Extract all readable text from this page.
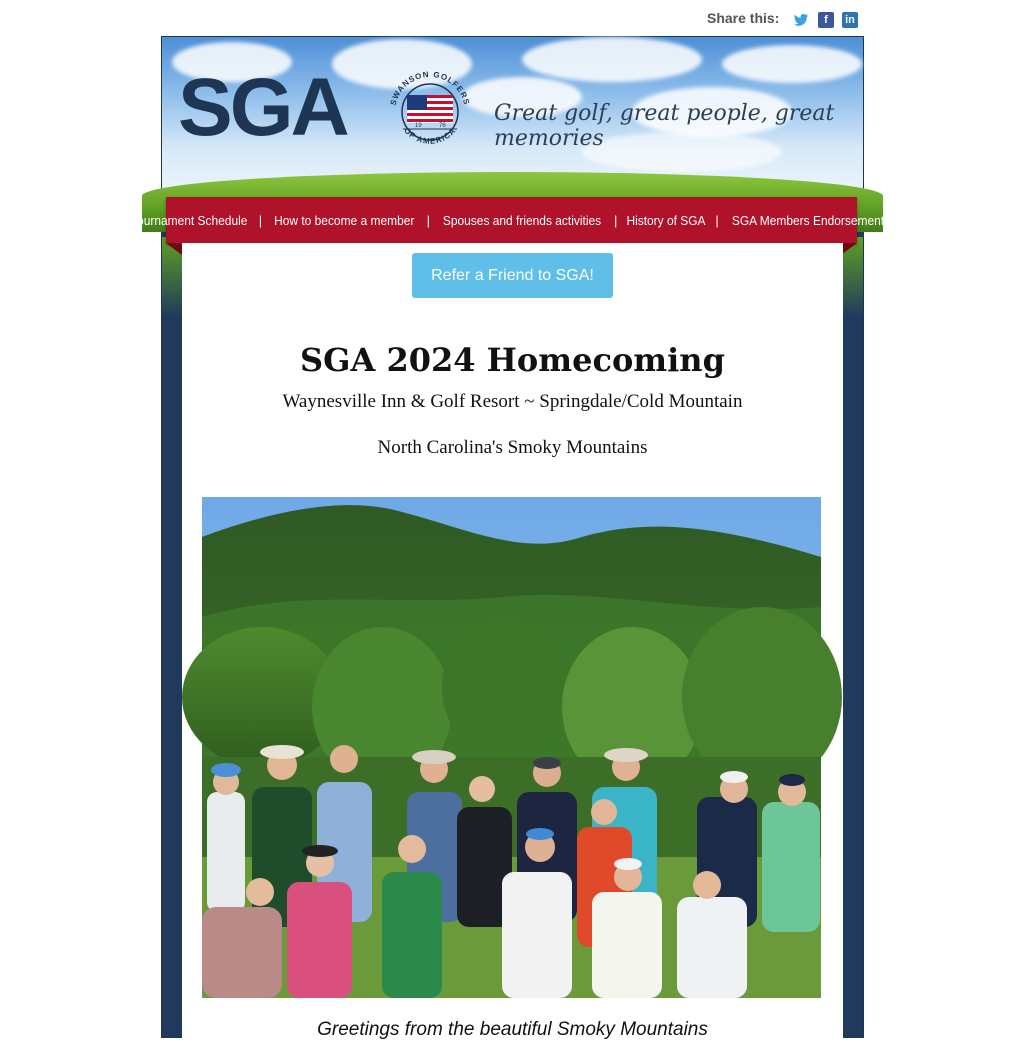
Share this:	f	in
SGA	SWANSON GOLFERS
OF AMERICA
19	76 Great golf, great people, great memories
Tournament Schedule | How to become a member | Spouses and friends activities | History of SGA | SGA Members Endorsements
Refer a Friend to SGA!
SGA 2024 Homecoming
Waynesville Inn & Golf Resort ~ Springdale/Cold Mountain
North Carolina's Smoky Mountains
Greetings from the beautiful Smoky Mountains
